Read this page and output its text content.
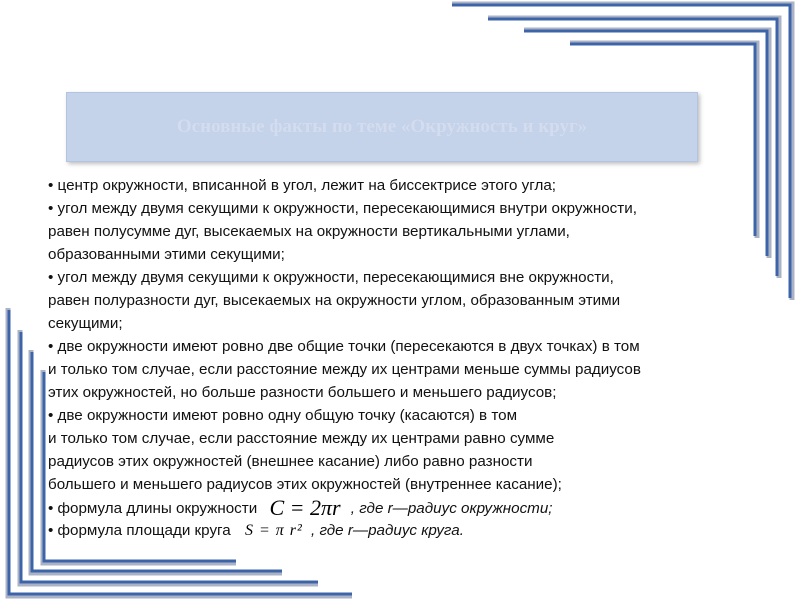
Основные факты по теме «Окружность и круг»
• центр окружности, вписанной в угол, лежит на биссектрисе этого угла;
• угол между двумя секущими к окружности, пересекающимися внутри окружности,
равен полусумме дуг, высекаемых на окружности вертикальными углами,
образованными этими секущими;
• угол между двумя секущими к окружности, пересекающимися вне окружности,
равен полуразности дуг, высекаемых на окружности углом, образованным этими
секущими;
• две окружности имеют ровно две общие точки (пересекаются в двух точках) в том
и только том случае, если расстояние между их центрами меньше суммы радиусов
этих окружностей, но больше разности большего и меньшего радиусов;
• две окружности имеют ровно одну общую точку (касаются) в том
и только том случае, если расстояние между их центрами равно сумме
радиусов этих окружностей (внешнее касание) либо равно разности
большего и меньшего радиусов этих окружностей (внутреннее касание);
• формула длины окружности C = 2πr , где r—радиус окружности;
• формула площади круга S = π r² , где r—радиус круга.
